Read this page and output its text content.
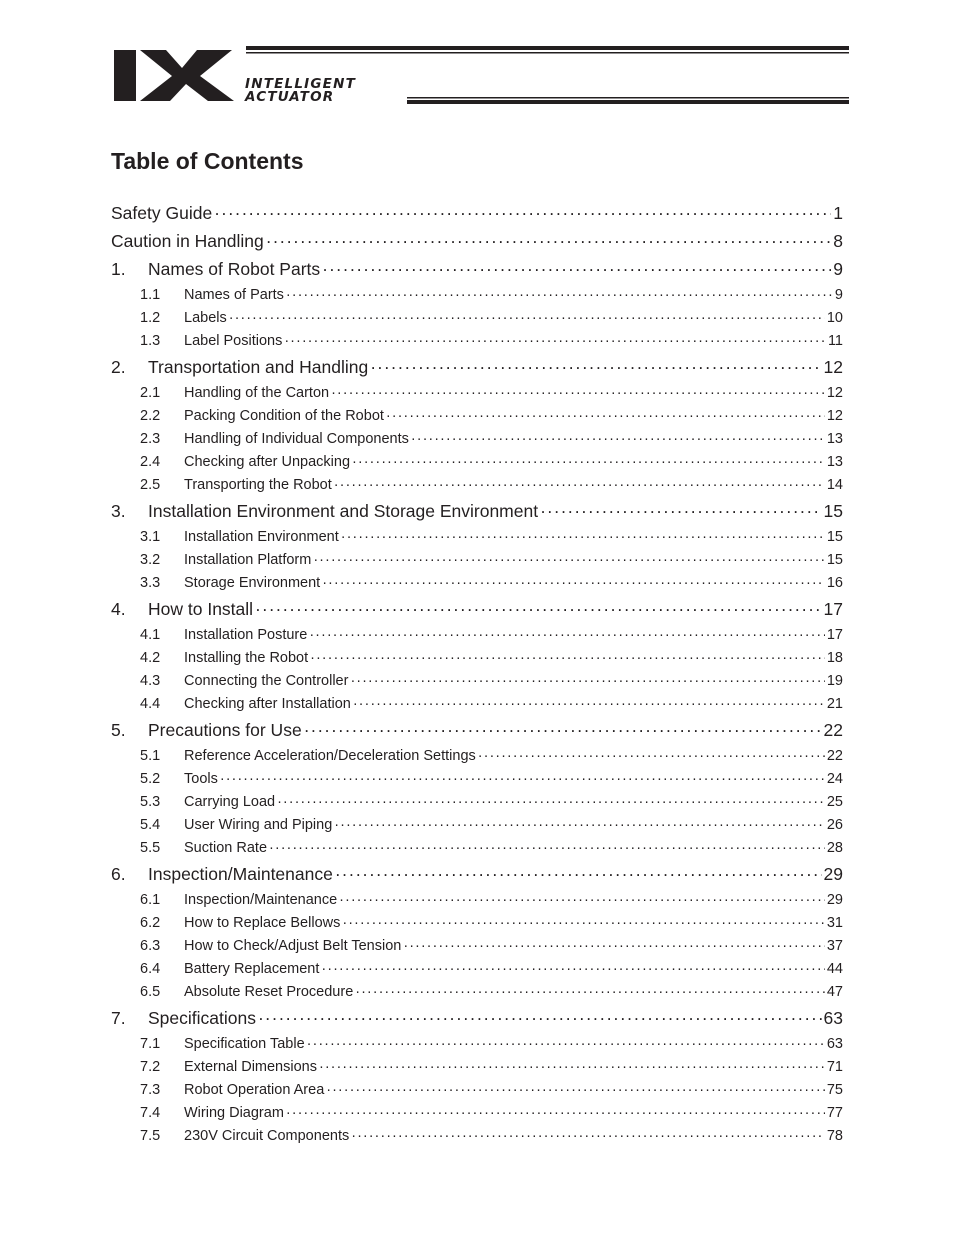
INTELLIGENT
ACTUATOR
Table of Contents
Safety Guide ·····	1
Caution in Handling ·····	8
1.	Names of Robot Parts ·····	9
1.1	Names of Parts ·····	9
1.2	Labels ·····	10
1.3	Label Positions ·····	11
2.	Transportation and Handling ·····	12
2.1	Handling of the Carton ·····	12
2.2	Packing Condition of the Robot ·····	12
2.3	Handling of Individual Components ·····	13
2.4	Checking after Unpacking ·····	13
2.5	Transporting the Robot ·····	14
3.	Installation Environment and Storage Environment ·····	15
3.1	Installation Environment ·····	15
3.2	Installation Platform ·····	15
3.3	Storage Environment ·····	16
4.	How to Install ·····	17
4.1	Installation Posture ·····	17
4.2	Installing the Robot ·····	18
4.3	Connecting the Controller ·····	19
4.4	Checking after Installation ·····	21
5.	Precautions for Use ·····	22
5.1	Reference Acceleration/Deceleration Settings ·····	22
5.2	Tools ·····	24
5.3	Carrying Load ·····	25
5.4	User Wiring and Piping ·····	26
5.5	Suction Rate ·····	28
6.	Inspection/Maintenance ·····	29
6.1	Inspection/Maintenance ·····	29
6.2	How to Replace Bellows ·····	31
6.3	How to Check/Adjust Belt Tension ·····	37
6.4	Battery Replacement ·····	44
6.5	Absolute Reset Procedure ·····	47
7.	Specifications ·····	63
7.1	Specification Table ·····	63
7.2	External Dimensions ·····	71
7.3	Robot Operation Area ·····	75
7.4	Wiring Diagram ·····	77
7.5	230V Circuit Components ·····	78
